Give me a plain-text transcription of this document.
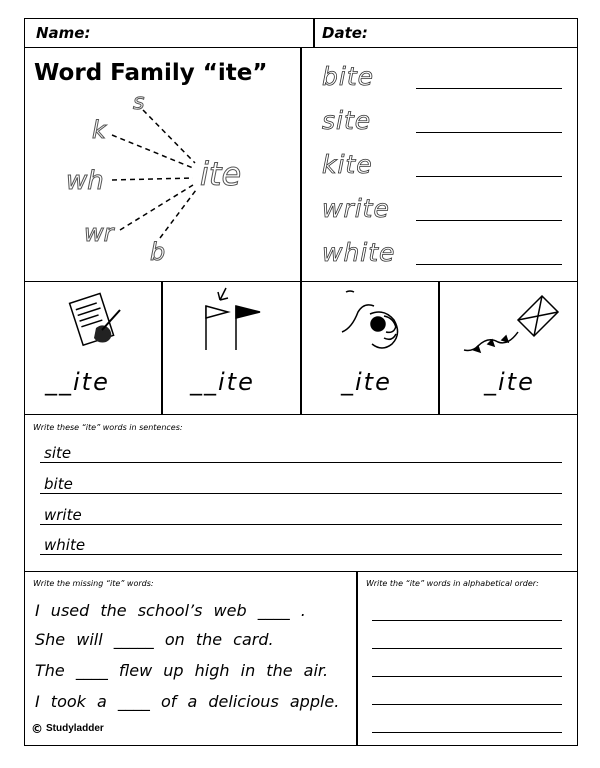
Name:	Date:
Word Family “ite”
s
k
wh
wr
b
ite
bite
site
kite
write
white
__ite	__ite	_ite	_ite
Write these “ite” words in sentences:
site
bite
write
white
Write the missing “ite” words:
I used the school’s web ____ .
She will _____ on the card.
The ____ flew up high in the air.
I took a ____ of a delicious apple.
Write the “ite” words in alphabetical order:
© Studyladder
